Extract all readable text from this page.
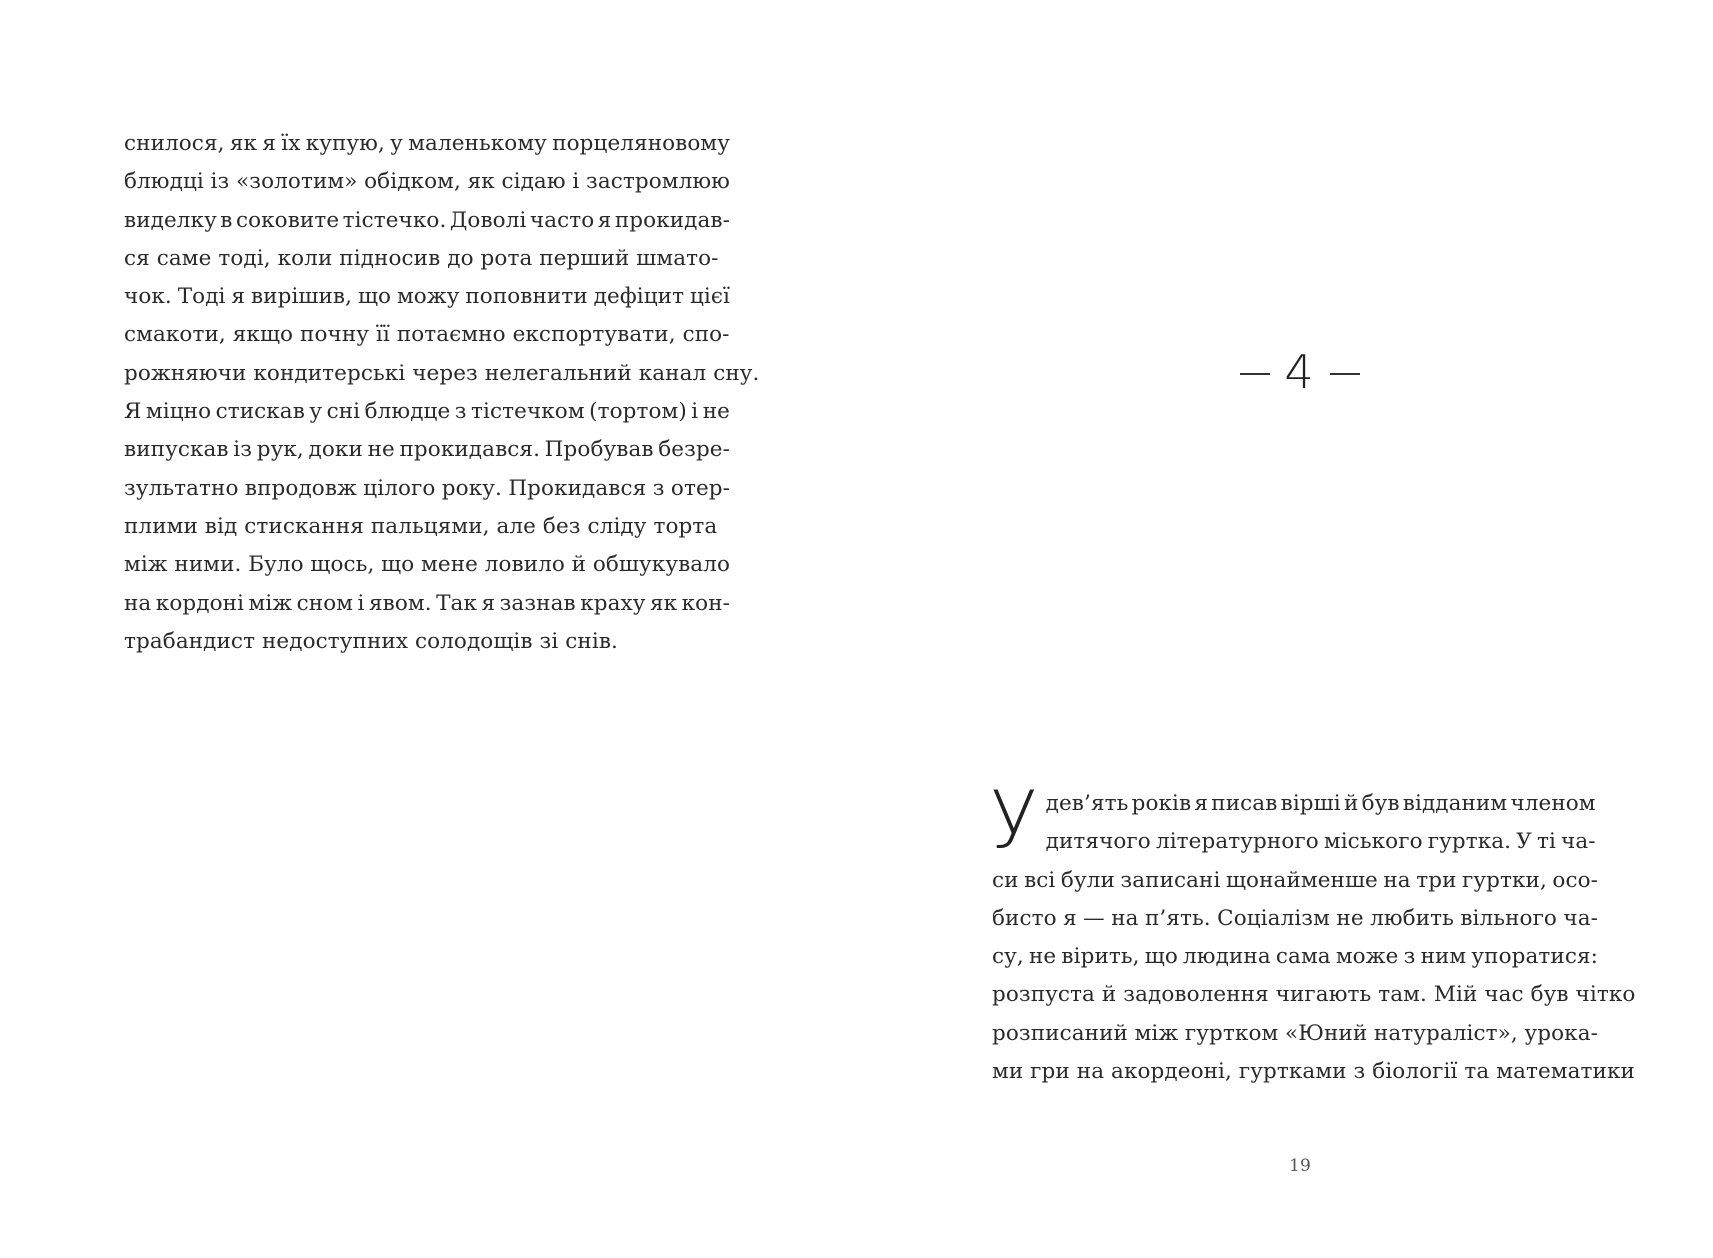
снилося, як я їх купую, у маленькому порцеляновому
блюдці із «золотим» обідком, як сідаю і застромлюю
виделку в соковите тістечко. Доволі часто я прокидав-
ся саме тоді, коли підносив до рота перший шмато-
чок. Тоді я вирішив, що можу поповнити дефіцит цієї
смакоти, якщо почну її потаємно експортувати, спо-
рожняючи кондитерські через нелегальний канал сну.
Я міцно стискав у сні блюдце з тістечком (тортом) і не
випускав із рук, доки не прокидався. Пробував безре-
зультатно впродовж цілого року. Прокидався з отер-
плими від стискання пальцями, але без сліду торта
між ними. Було щось, що мене ловило й обшукувало
на кордоні між сном і явом. Так я зазнав краху як кон-
трабандист недоступних солодощів зі снів.
4
У дев’ять років я писав вірші й був відданим членом
дитячого літературного міського гуртка. У ті ча-
си всі були записані щонайменше на три гуртки, осо-
бисто я — на п’ять. Соціалізм не любить вільного ча-
су, не вірить, що людина сама може з ним упоратися:
розпуста й задоволення чигають там. Мій час був чітко
розписаний між гуртком «Юний натураліст», урока-
ми гри на акордеоні, гуртками з біології та математики
19
